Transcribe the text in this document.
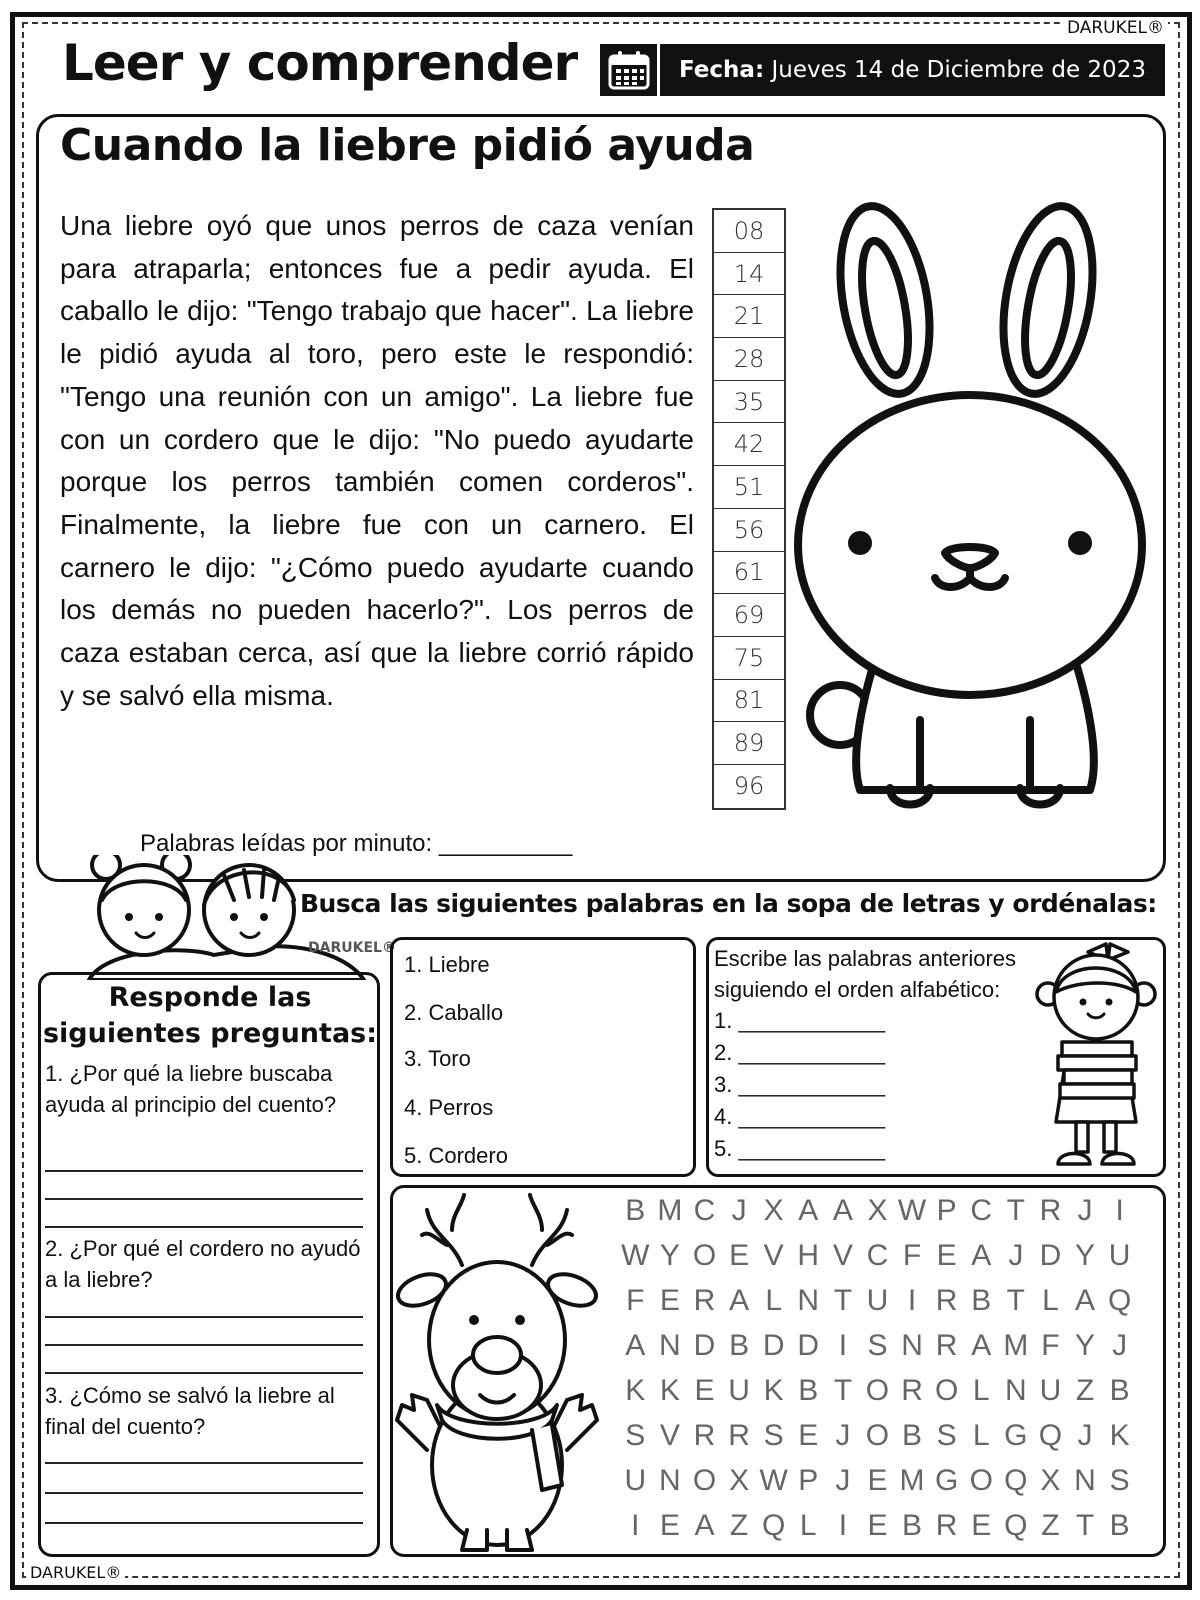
DARUKEL®
DARUKEL®
Leer y comprender	Fecha: Jueves 14 de Diciembre de 2023
Cuando la liebre pidió ayuda
Una liebre oyó que unos perros de caza venían para atraparla; entonces fue a pedir ayuda. El caballo le dijo: "Tengo trabajo que hacer". La liebre le pidió ayuda al toro, pero este le respondió: "Tengo una reunión con un amigo". La liebre fue con un cordero que le dijo: "No puedo ayudarte porque los perros también comen corderos". Finalmente, la liebre fue con un carnero. El carnero le dijo: "¿Cómo puedo ayudarte cuando los demás no pueden hacerlo?". Los perros de caza estaban cerca, así que la liebre corrió rápido y se salvó ella misma.
08
14
21
28
35
42
51
56
61
69
75
81
89
96
Palabras leídas por minuto: __________
DARUKEL®
Busca las siguientes palabras en la sopa de letras y ordénalas:
Responde las siguientes preguntas:
1. ¿Por qué la liebre buscaba ayuda al principio del cuento?
2. ¿Por qué el cordero no ayudó a la liebre?
3. ¿Cómo se salvó la liebre al final del cuento?
1. Liebre
2. Caballo
3. Toro
4. Perros
5. Cordero
Escribe las palabras anteriores siguiendo el orden alfabético:
1. ____________
2. ____________
3. ____________
4. ____________
5. ____________
B M C J X A A X W P C T R J I
W Y O E V H V C F E A J D Y U
F E R A L N T U I R B T L A Q
A N D B D D I S N R A M F Y J
K K E U K B T O R O L N U Z B
S V R R S E J O B S L G Q J K
U N O X W P J E M G O Q X N S
I E A Z Q L I E B R E Q Z T B
